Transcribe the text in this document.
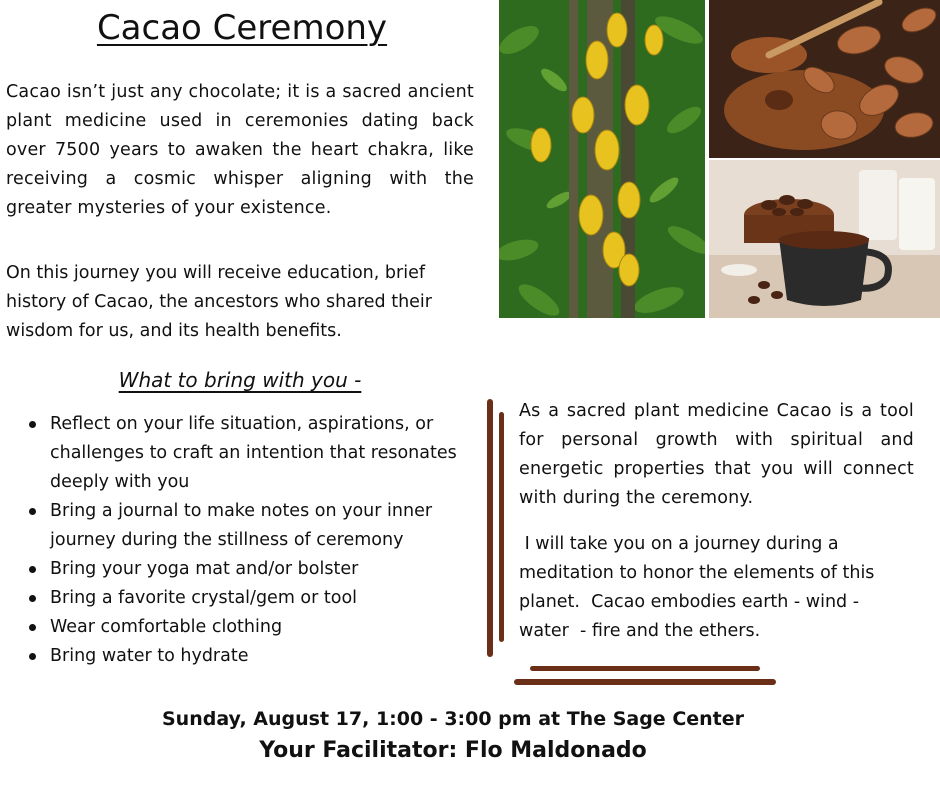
Cacao Ceremony

Cacao isn’t just any chocolate; it is a sacred ancient plant medicine used in ceremonies dating back over 7500 years to awaken the heart chakra, like receiving a cosmic whisper aligning with the greater mysteries of your existence.

On this journey you will receive education, brief history of Cacao, the ancestors who shared their wisdom for us, and its health benefits.

What to bring with you -
Reflect on your life situation, aspirations, or challenges to craft an intention that resonates deeply with you
Bring a journal to make notes on your inner journey during the stillness of ceremony
Bring your yoga mat and/or bolster
Bring a favorite crystal/gem or tool
Wear comfortable clothing
Bring water to hydrate

As a sacred plant medicine Cacao is a tool for personal growth with spiritual and energetic properties that you will connect with during the ceremony.

I will take you on a journey during a meditation to honor the elements of this planet.  Cacao embodies earth - wind - water  - fire and the ethers.

Sunday, August 17, 1:00 - 3:00 pm at The Sage Center
Your Facilitator: Flo Maldonado
